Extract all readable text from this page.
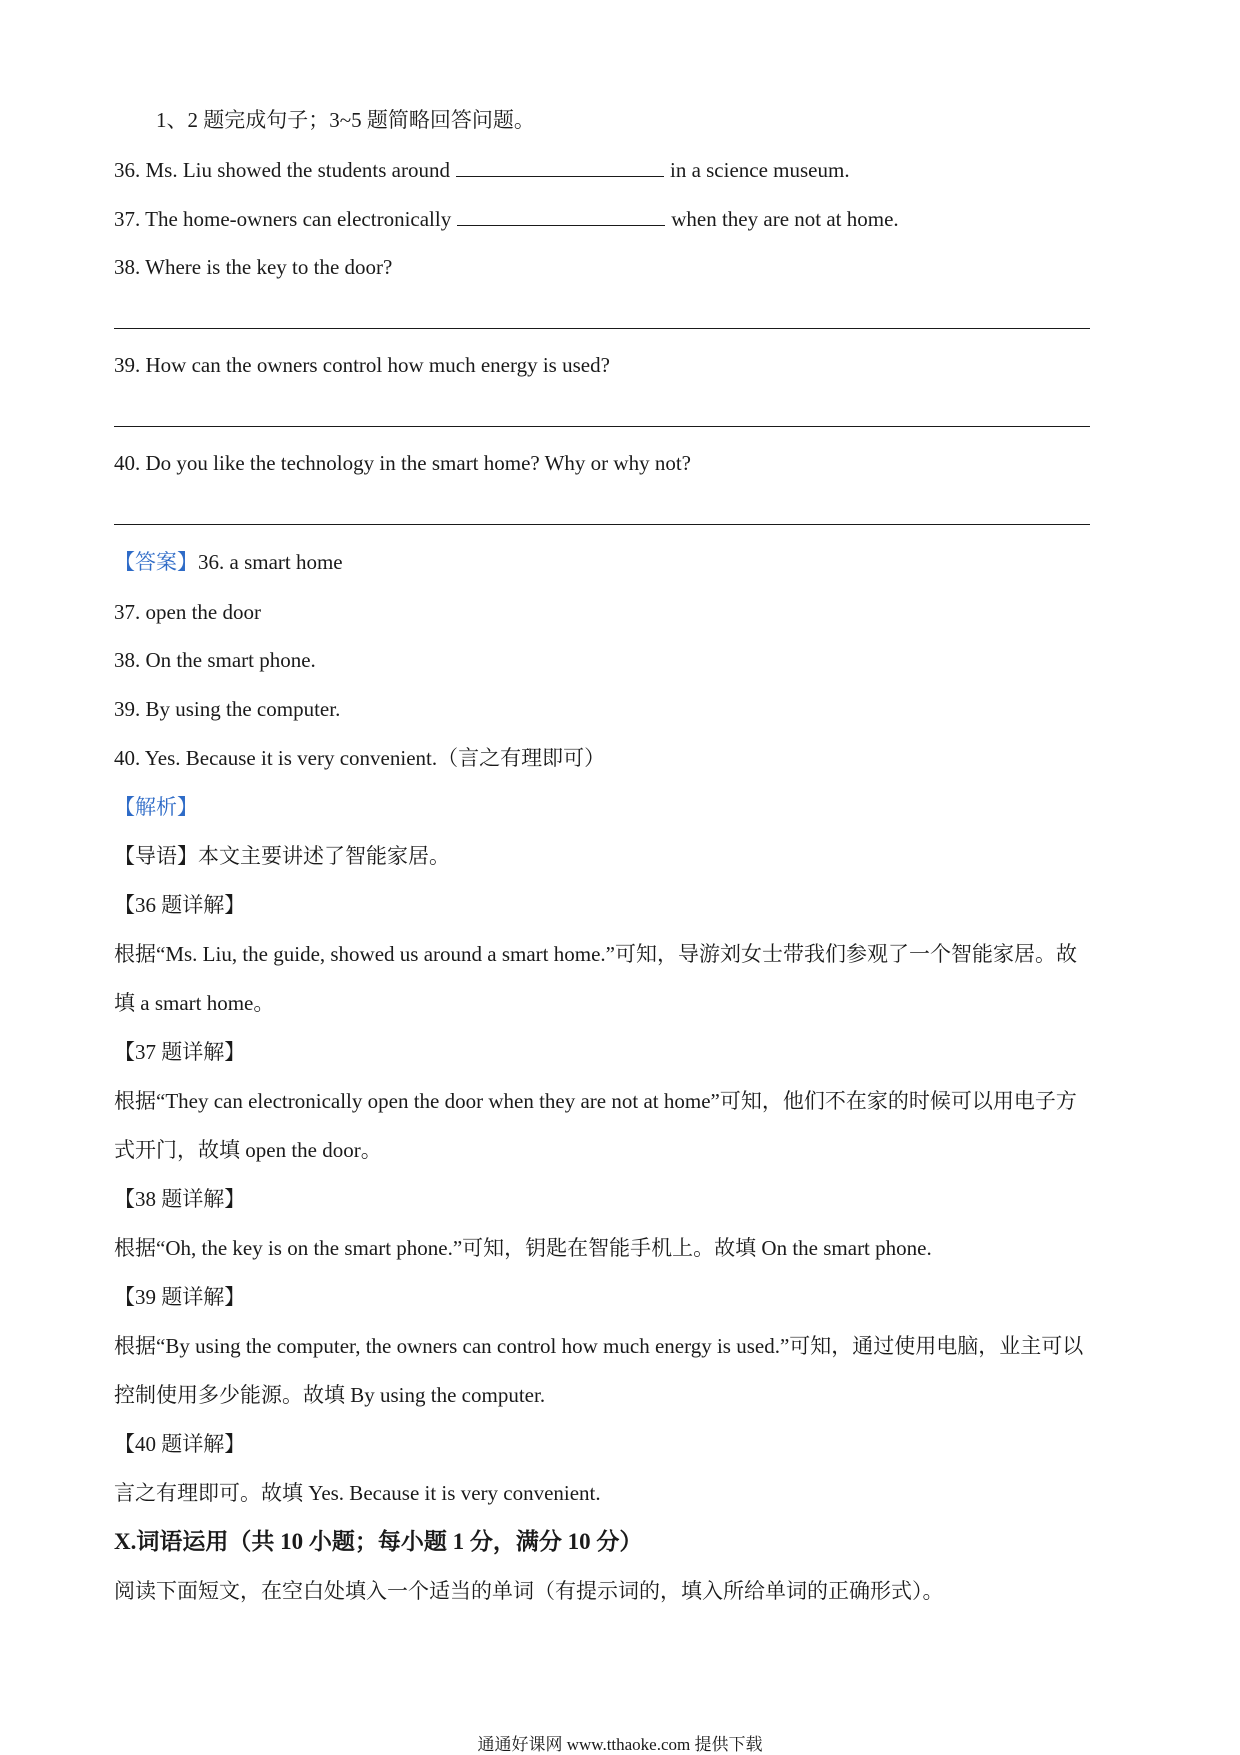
1、2 题完成句子；3~5 题简略回答问题。
36. Ms. Liu showed the students around	in a science museum.
37. The home-owners can electronically	when they are not at home.
38. Where is the key to the door?
39. How can the owners control how much energy is used?
40. Do you like the technology in the smart home? Why or why not?
【答案】36. a smart home
37. open the door
38. On the smart phone.
39. By using the computer.
40. Yes. Because it is very convenient.（言之有理即可）
【解析】
【导语】本文主要讲述了智能家居。
【36 题详解】
根据“Ms. Liu, the guide, showed us around a smart home.”可知，导游刘女士带我们参观了一个智能家居。故
填 a smart home。
【37 题详解】
根据“They can electronically open the door when they are not at home”可知，他们不在家的时候可以用电子方
式开门，故填 open the door。
【38 题详解】
根据“Oh, the key is on the smart phone.”可知，钥匙在智能手机上。故填 On the smart phone.
【39 题详解】
根据“By using the computer, the owners can control how much energy is used.”可知，通过使用电脑，业主可以
控制使用多少能源。故填 By using the computer.
【40 题详解】
言之有理即可。故填 Yes. Because it is very convenient.
X.词语运用（共 10 小题；每小题 1 分，满分 10 分）
阅读下面短文，在空白处填入一个适当的单词（有提示词的，填入所给单词的正确形式）。
通通好课网 www.tthaoke.com 提供下载
